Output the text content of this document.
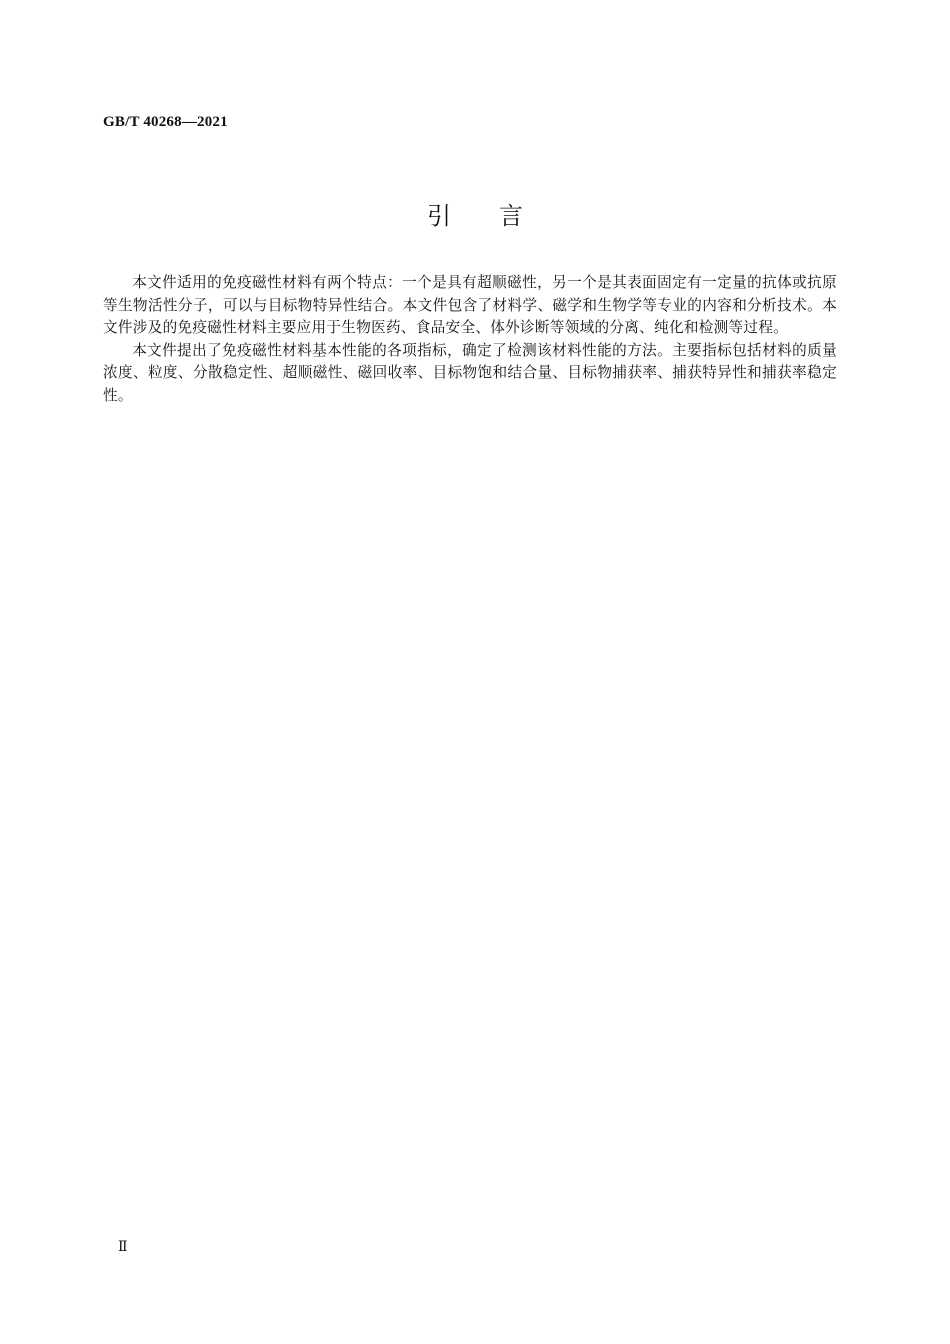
GB/T 40268—2021
引言

本文件适用的免疫磁性材料有两个特点：一个是具有超顺磁性，另一个是其表面固定有一定量的抗体或抗原等生物活性分子，可以与目标物特异性结合。本文件包含了材料学、磁学和生物学等专业的内容和分析技术。本文件涉及的免疫磁性材料主要应用于生物医药、食品安全、体外诊断等领域的分离、纯化和检测等过程。

本文件提出了免疫磁性材料基本性能的各项指标，确定了检测该材料性能的方法。主要指标包括材料的质量浓度、粒度、分散稳定性、超顺磁性、磁回收率、目标物饱和结合量、目标物捕获率、捕获特异性和捕获率稳定性。

Ⅱ
